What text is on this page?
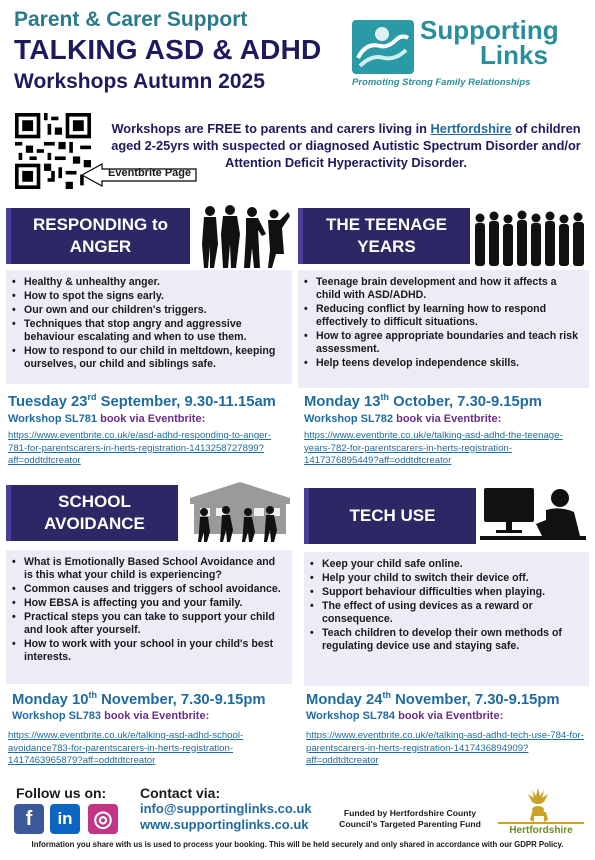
Parent & Carer Support
TALKING ASD & ADHD
Workshops Autumn 2025
Supporting
Links
Promoting Strong Family Relationships
Eventbrite Page
Workshops are FREE to parents and carers living in Hertfordshire of children aged 2-25yrs with suspected or diagnosed Autistic Spectrum Disorder and/or Attention Deficit Hyperactivity Disorder.
RESPONDING to ANGER
• Healthy & unhealthy anger.
• How to spot the signs early.
• Our own and our children's triggers.
• Techniques that stop angry and aggressive behaviour escalating and when to use them.
• How to respond to our child in meltdown, keeping ourselves, our child and siblings safe.
Tuesday 23rd September, 9.30-11.15am
Workshop SL781 book via Eventbrite:
https://www.eventbrite.co.uk/e/asd-adhd-responding-to-anger-781-for-parentscarers-in-herts-registration-1413258727899?aff=oddtdtcreator
THE TEENAGE YEARS
• Teenage brain development and how it affects a child with ASD/ADHD.
• Reducing conflict by learning how to respond effectively to difficult situations.
• How to agree appropriate boundaries and teach risk assessment.
• Help teens develop independence skills.
Monday 13th October, 7.30-9.15pm
Workshop SL782 book via Eventbrite:
https://www.eventbrite.co.uk/e/talking-asd-adhd-the-teenage-years-782-for-parentscarers-in-herts-registration-1417376895449?aff=oddtdtcreator
SCHOOL AVOIDANCE
• What is Emotionally Based School Avoidance and is this what your child is experiencing?
• Common causes and triggers of school avoidance.
• How EBSA is affecting you and your family.
• Practical steps you can take to support your child and look after yourself.
• How to work with your school in your child's best interests.
Monday 10th November, 7.30-9.15pm
Workshop SL783 book via Eventbrite:
https://www.eventbrite.co.uk/e/talking-asd-adhd-school-avoidance783-for-parentscarers-in-herts-registration-1417463965879?aff=oddtdtcreator
TECH USE
• Keep your child safe online.
• Help your child to switch their device off.
• Support behaviour difficulties when playing.
• The effect of using devices as a reward or consequence.
• Teach children to develop their own methods of regulating device use and staying safe.
Monday 24th November, 7.30-9.15pm
Workshop SL784 book via Eventbrite:
https://www.eventbrite.co.uk/e/talking-asd-adhd-tech-use-784-for-parentscarers-in-herts-registration-1417436894909?aff=oddtdtcreator
Follow us on:
f	in ◎
Contact via:
info@supportinglinks.co.uk
www.supportinglinks.co.uk
Funded by Hertfordshire County Council's Targeted Parenting Fund
Hertfordshire
Information you share with us is used to process your booking. This will be held securely and only shared in accordance with our GDPR Policy.
